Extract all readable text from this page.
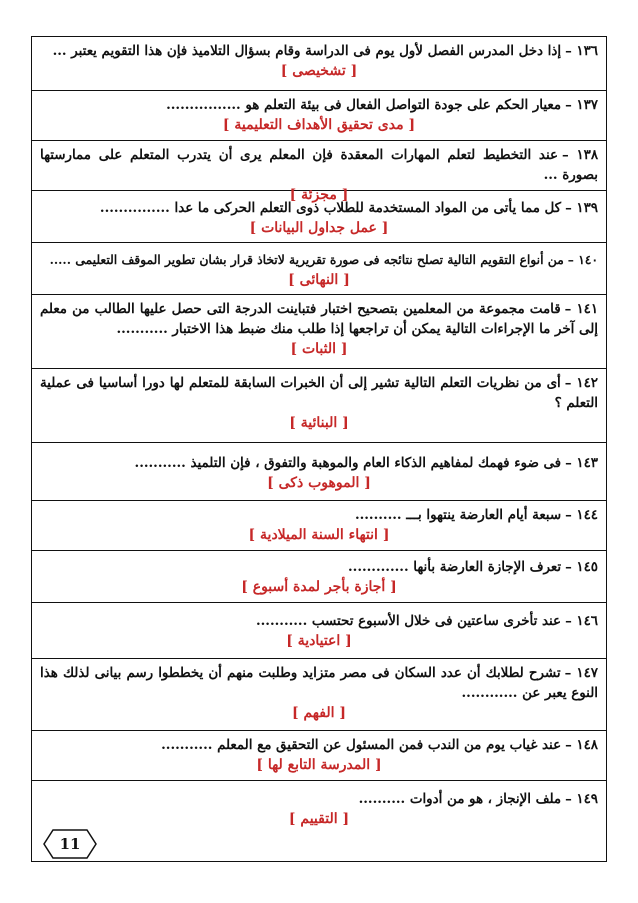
١٣٦ –إذا دخل المدرس الفصل لأول يوم فى الدراسة وقام بسؤال التلاميذ فإن هذا التقويم يعتبر ...
[ تشخيصى ]
١٣٧ –معيار الحكم على جودة التواصل الفعال فى بيئة التعلم هو ................
[ مدى تحقيق الأهداف التعليمية ]
١٣٨ –عند التخطيط لتعلم المهارات المعقدة فإن المعلم يرى أن يتدرب المتعلم على ممارستها بصورة ...
[ مجزئة ]
١٣٩ –كل مما يأتى من المواد المستخدمة للطلاب ذوى التعلم الحركى ما عدا ...............
[ عمل جداول البيانات ]
١٤٠ –من أنواع التقويم التالية تصلح نتائجه فى صورة تقريرية لاتخاذ قرار بشان تطوير الموقف التعليمى .....
[ النهائى ]
١٤١ –قامت مجموعة من المعلمين بتصحيح اختبار فتباينت الدرجة التى حصل عليها الطالب من معلم إلى آخر ما الإجراءات التالية يمكن أن تراجعها إذا طلب منك ضبط هذا الاختبار ...........
[ الثبات ]
١٤٢ –أى من نظريات التعلم التالية تشير إلى أن الخبرات السابقة للمتعلم لها دورا أساسيا فى عملية التعلم ؟
[ البنائية ]
١٤٣ –فى ضوء فهمك لمفاهيم الذكاء العام والموهبة والتفوق ، فإن التلميذ ...........
[ الموهوب ذكى ]
١٤٤ –سبعة أيام العارضة ينتهوا بـــ ..........
[ انتهاء السنة الميلادية ]
١٤٥ –تعرف الإجازة العارضة بأنها .............
[ أجازة بأجر لمدة أسبوع ]
١٤٦ –عند تأخرى ساعتين فى خلال الأسبوع تحتسب ...........
[ اعتيادية ]
١٤٧ –تشرح لطلابك أن عدد السكان فى مصر متزايد وطلبت منهم أن يخططوا رسم بيانى لذلك هذا النوع يعبر عن ............
[ الفهم ]
١٤٨ –عند غياب يوم من الندب فمن المسئول عن التحقيق مع المعلم ...........
[ المدرسة التابع لها ]
١٤٩ –ملف الإنجاز ، هو من أدوات ..........
[ التقييم ]
11
